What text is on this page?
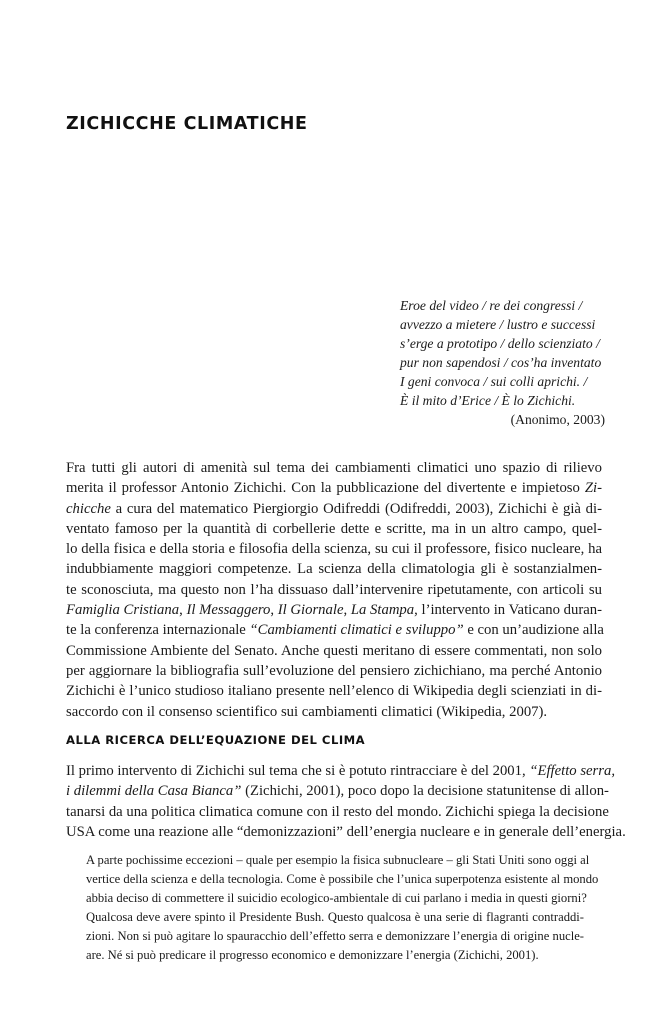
ZICHICCHE CLIMATICHE
Eroe del video / re dei congressi /
avvezzo a mietere / lustro e successi
s’erge a prototipo / dello scienziato /
pur non sapendosi / cos’ha inventato
I geni convoca / sui colli aprichi. /
È il mito d’Erice / È lo Zichichi.
(Anonimo, 2003)
Fra tutti gli autori di amenità sul tema dei cambiamenti climatici uno spazio di rilievo
merita il professor Antonio Zichichi. Con la pubblicazione del divertente e impietoso Zi-
chicche a cura del matematico Piergiorgio Odifreddi (Odifreddi, 2003), Zichichi è già di-
ventato famoso per la quantità di corbellerie dette e scritte, ma in un altro campo, quel-
lo della fisica e della storia e filosofia della scienza, su cui il professore, fisico nucleare, ha
indubbiamente maggiori competenze. La scienza della climatologia gli è sostanzialmen-
te sconosciuta, ma questo non l’ha dissuaso dall’intervenire ripetutamente, con articoli su
Famiglia Cristiana, Il Messaggero, Il Giornale, La Stampa, l’intervento in Vaticano duran-
te la conferenza internazionale “Cambiamenti climatici e sviluppo” e con un’audizione alla
Commissione Ambiente del Senato. Anche questi meritano di essere commentati, non solo
per aggiornare la bibliografia sull’evoluzione del pensiero zichichiano, ma perché Antonio
Zichichi è l’unico studioso italiano presente nell’elenco di Wikipedia degli scienziati in di-
saccordo con il consenso scientifico sui cambiamenti climatici (Wikipedia, 2007).
ALLA RICERCA DELL’EQUAZIONE DEL CLIMA
Il primo intervento di Zichichi sul tema che si è potuto rintracciare è del 2001, “Effetto serra,
i dilemmi della Casa Bianca” (Zichichi, 2001), poco dopo la decisione statunitense di allon-
tanarsi da una politica climatica comune con il resto del mondo. Zichichi spiega la decisione
USA come una reazione alle “demonizzazioni” dell’energia nucleare e in generale dell’energia.
A parte pochissime eccezioni – quale per esempio la fisica subnucleare – gli Stati Uniti sono oggi al
vertice della scienza e della tecnologia. Come è possibile che l’unica superpotenza esistente al mondo
abbia deciso di commettere il suicidio ecologico-ambientale di cui parlano i media in questi giorni?
Qualcosa deve avere spinto il Presidente Bush. Questo qualcosa è una serie di flagranti contraddi-
zioni. Non si può agitare lo spauracchio dell’effetto serra e demonizzare l’energia di origine nucle-
are. Né si può predicare il progresso economico e demonizzare l’energia (Zichichi, 2001).
